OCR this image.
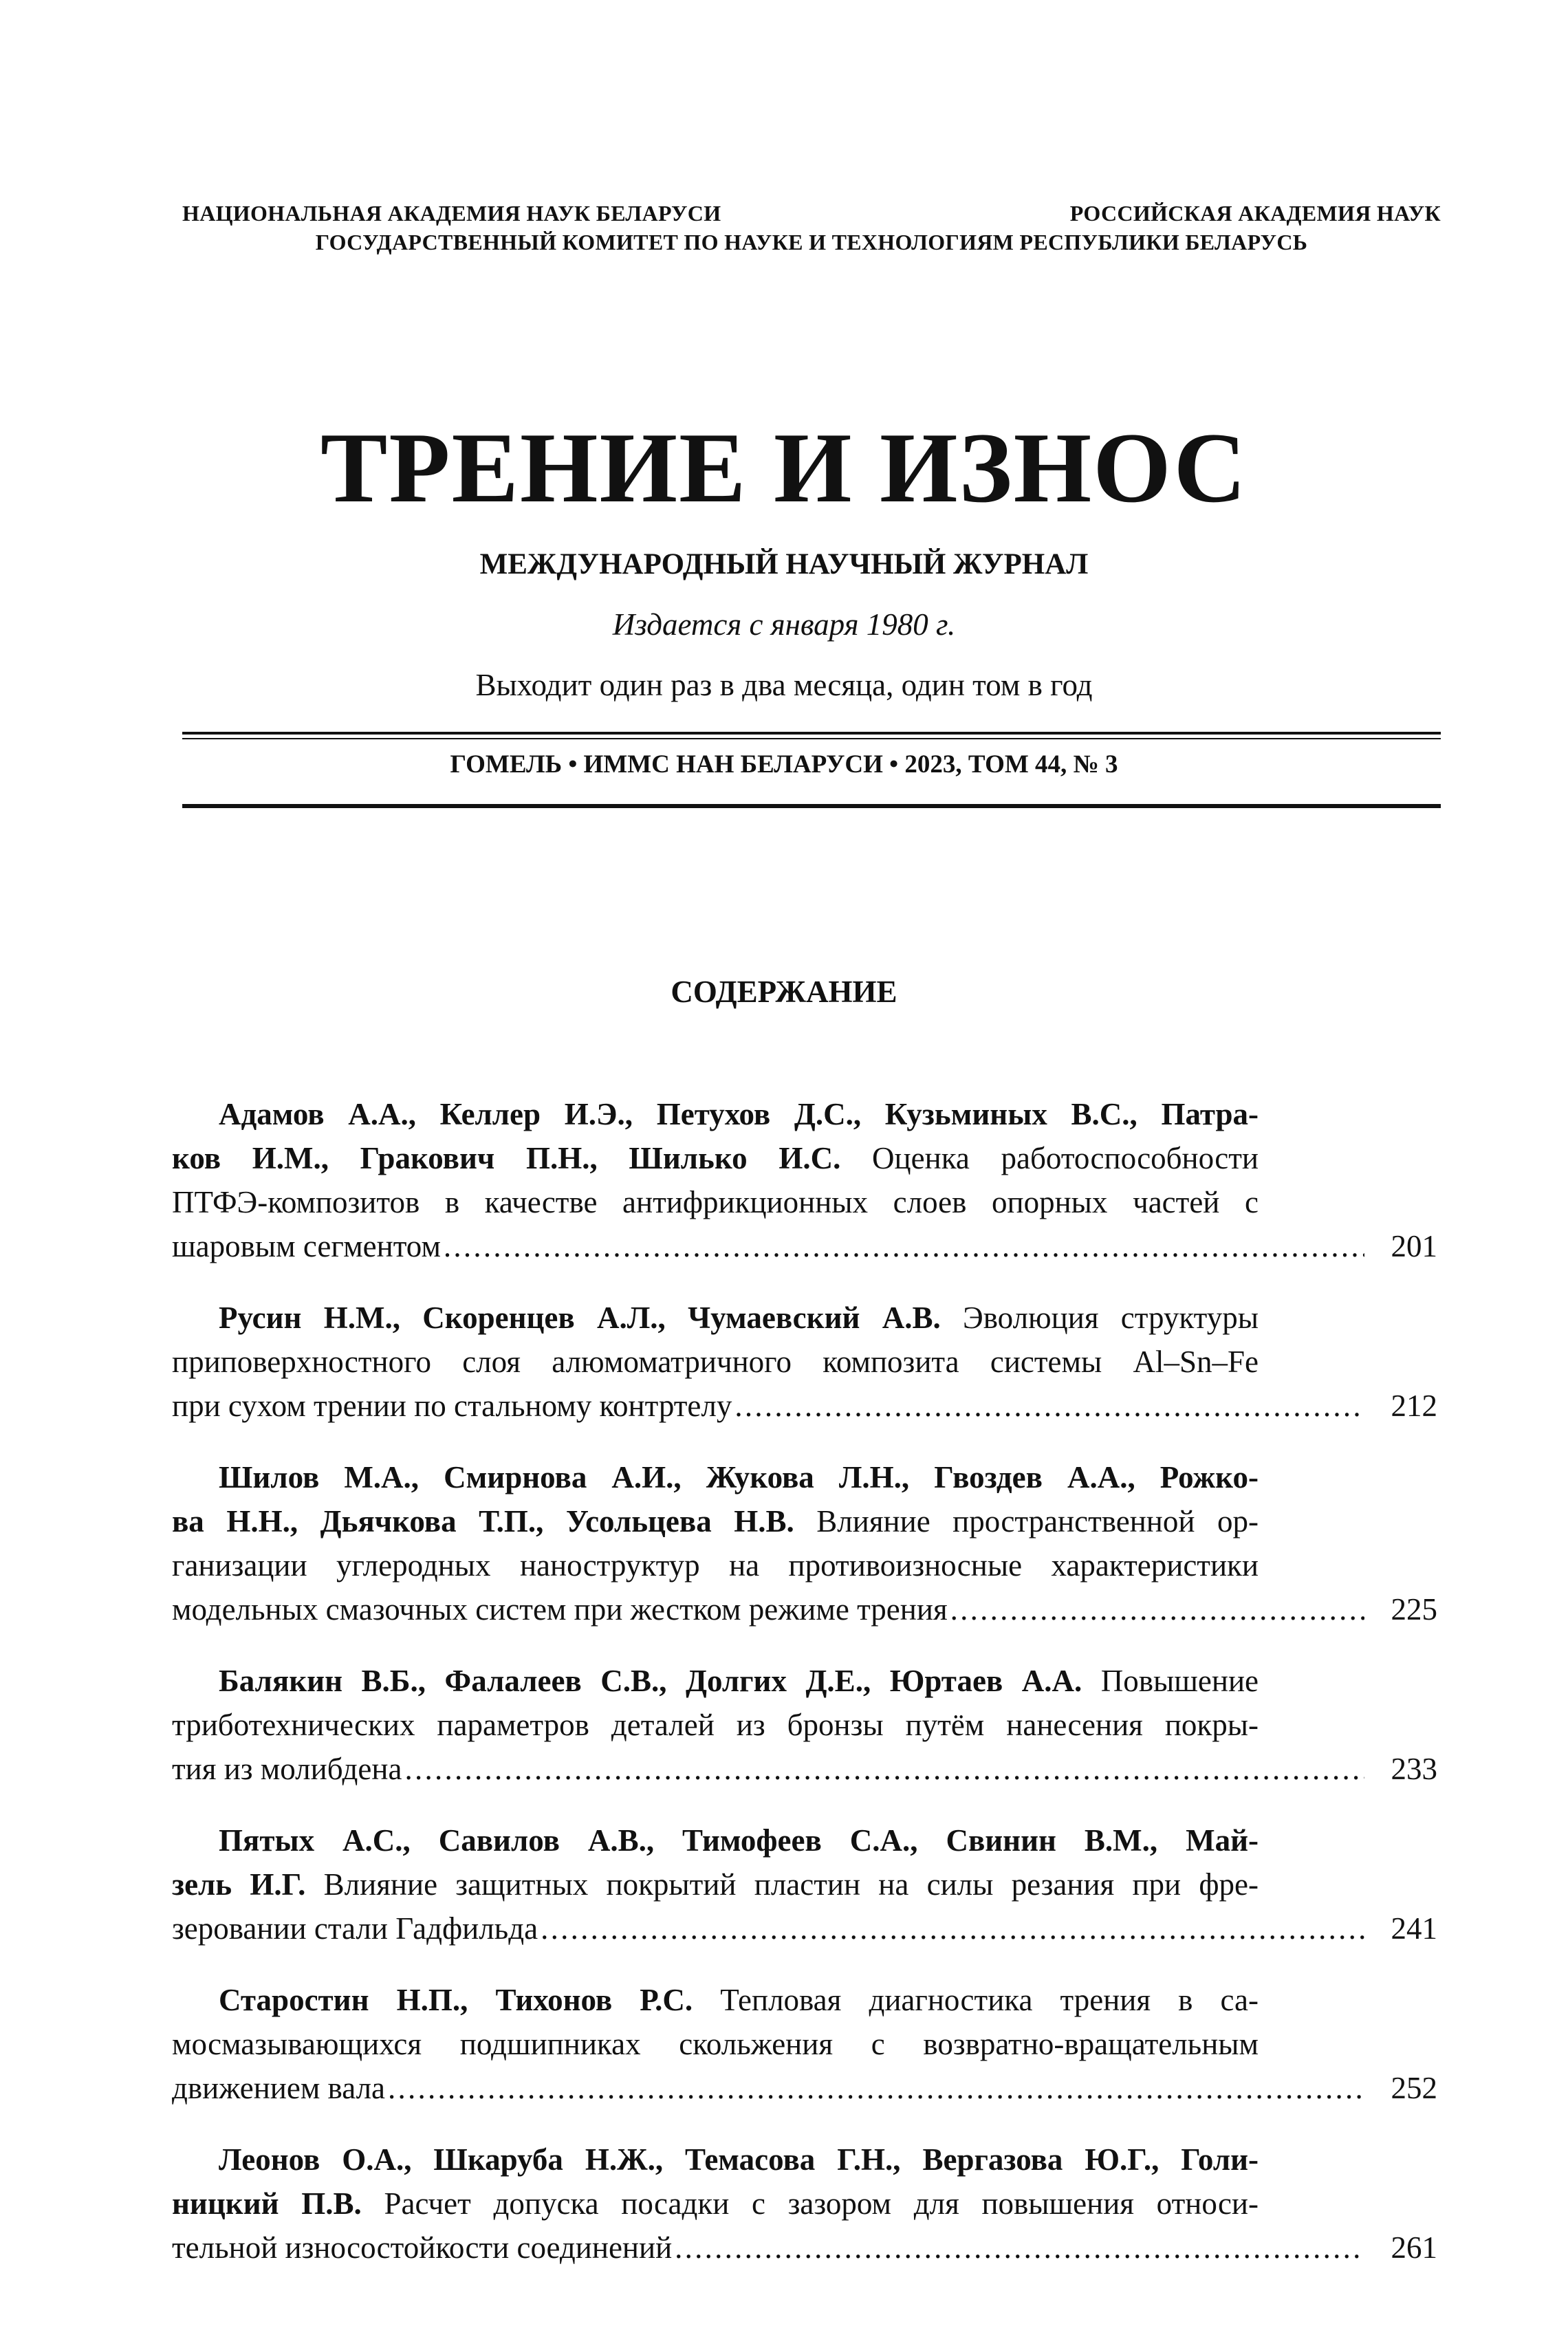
НАЦИОНАЛЬНАЯ АКАДЕМИЯ НАУК БЕЛАРУСИ	РОССИЙСКАЯ АКАДЕМИЯ НАУК
ГОСУДАРСТВЕННЫЙ КОМИТЕТ ПО НАУКЕ И ТЕХНОЛОГИЯМ РЕСПУБЛИКИ БЕЛАРУСЬ
ТРЕНИЕ И ИЗНОС
МЕЖДУНАРОДНЫЙ НАУЧНЫЙ ЖУРНАЛ
Издается с января 1980 г.
Выходит один раз в два месяца, один том в год
ГОМЕЛЬ • ИММС НАН БЕЛАРУСИ • 2023, ТОМ 44, № 3
СОДЕРЖАНИЕ
Адамов А.А., Келлер И.Э., Петухов Д.С., Кузьминых В.С., Патра-
ков И.М., Гракович П.Н., Шилько И.С. Оценка работоспособности
ПТФЭ-композитов в качестве антифрикционных слоев опорных частей с
шаровым сегментом . . .	201
Русин Н.М., Скоренцев А.Л., Чумаевский А.В. Эволюция структуры
приповерхностного слоя алюмоматричного композита системы Al–Sn–Fe
при сухом трении по стальному контртелу . . .	212
Шилов М.А., Смирнова А.И., Жукова Л.Н., Гвоздев А.А., Рожко-
ва Н.Н., Дьячкова Т.П., Усольцева Н.В. Влияние пространственной ор-
ганизации углеродных наноструктур на противоизносные характеристики
модельных смазочных систем при жестком режиме трения . . .	225
Балякин В.Б., Фалалеев С.В., Долгих Д.Е., Юртаев А.А. Повышение
триботехнических параметров деталей из бронзы путём нанесения покры-
тия из молибдена . . .	233
Пятых А.С., Савилов А.В., Тимофеев С.А., Свинин В.М., Май-
зель И.Г. Влияние защитных покрытий пластин на силы резания при фре-
зеровании стали Гадфильда . . .	241
Старостин Н.П., Тихонов Р.С. Тепловая диагностика трения в са-
мосмазывающихся подшипниках скольжения с возвратно-вращательным
движением вала . . .	252
Леонов О.А., Шкаруба Н.Ж., Темасова Г.Н., Вергазова Ю.Г., Голи-
ницкий П.В. Расчет допуска посадки с зазором для повышения относи-
тельной износостойкости соединений . . .	261
